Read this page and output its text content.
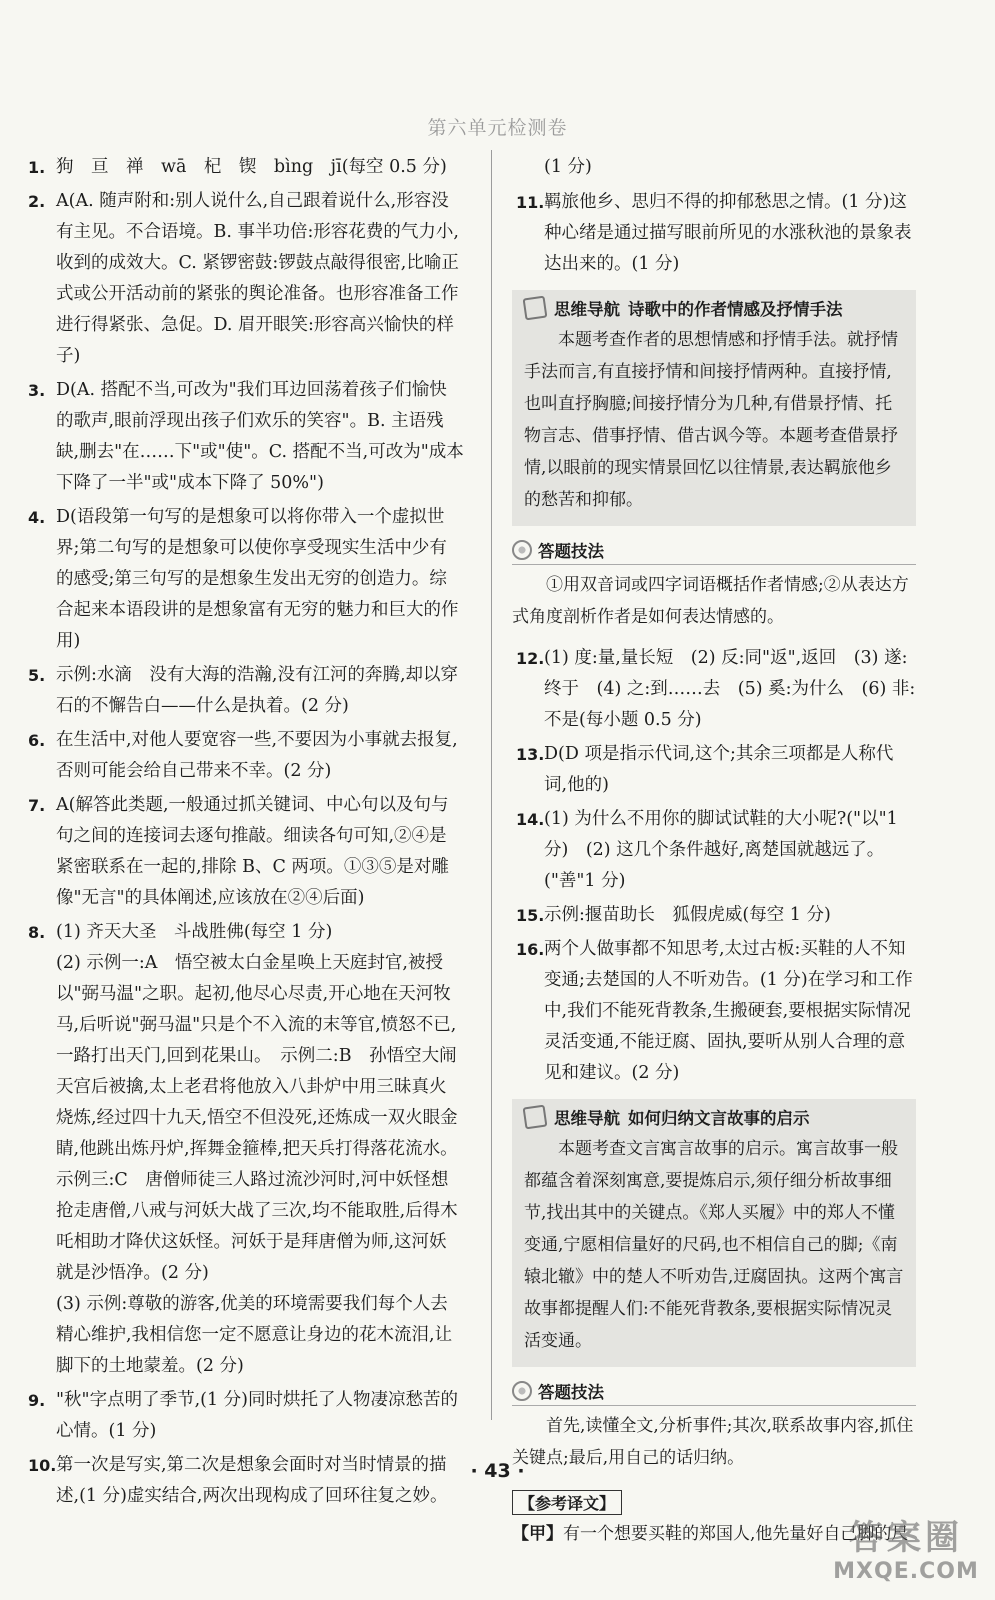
第六单元检测卷
1. 狗　亘　禅　wā　杞　锲　bìng　jī(每空 0.5 分)
2. A(A. 随声附和:别人说什么,自己跟着说什么,形容没有主见。不合语境。B. 事半功倍:形容花费的气力小,收到的成效大。C. 紧锣密鼓:锣鼓点敲得很密,比喻正式或公开活动前的紧张的舆论准备。也形容准备工作进行得紧张、急促。D. 眉开眼笑:形容高兴愉快的样子)
3. D(A. 搭配不当,可改为"我们耳边回荡着孩子们愉快的歌声,眼前浮现出孩子们欢乐的笑容"。B. 主语残缺,删去"在……下"或"使"。C. 搭配不当,可改为"成本下降了一半"或"成本下降了 50%")
4. D(语段第一句写的是想象可以将你带入一个虚拟世界;第二句写的是想象可以使你享受现实生活中少有的感受;第三句写的是想象生发出无穷的创造力。综合起来本语段讲的是想象富有无穷的魅力和巨大的作用)
5. 示例:水滴　没有大海的浩瀚,没有江河的奔腾,却以穿石的不懈告白——什么是执着。(2 分)
6. 在生活中,对他人要宽容一些,不要因为小事就去报复,否则可能会给自己带来不幸。(2 分)
7. A(解答此类题,一般通过抓关键词、中心句以及句与句之间的连接词去逐句推敲。细读各句可知,②④是紧密联系在一起的,排除 B、C 两项。①③⑤是对雕像"无言"的具体阐述,应该放在②④后面)
8. (1) 齐天大圣　斗战胜佛(每空 1 分)
(2) 示例一:A　悟空被太白金星唤上天庭封官,被授以"弼马温"之职。起初,他尽心尽责,开心地在天河牧马,后听说"弼马温"只是个不入流的末等官,愤怒不已,一路打出天门,回到花果山。　示例二:B　孙悟空大闹天宫后被擒,太上老君将他放入八卦炉中用三昧真火烧炼,经过四十九天,悟空不但没死,还炼成一双火眼金睛,他跳出炼丹炉,挥舞金箍棒,把天兵打得落花流水。　示例三:C　唐僧师徒三人路过流沙河时,河中妖怪想抢走唐僧,八戒与河妖大战了三次,均不能取胜,后得木吒相助才降伏这妖怪。河妖于是拜唐僧为师,这河妖就是沙悟净。(2 分)
(3) 示例:尊敬的游客,优美的环境需要我们每个人去精心维护,我相信您一定不愿意让身边的花木流泪,让脚下的土地蒙羞。(2 分)
9. "秋"字点明了季节,(1 分)同时烘托了人物凄凉愁苦的心情。(1 分)
10. 第一次是写实,第二次是想象会面时对当时情景的描述,(1 分)虚实结合,两次出现构成了回环往复之妙。
(1 分)
11. 羁旅他乡、思归不得的抑郁愁思之情。(1 分)这种心绪是通过描写眼前所见的水涨秋池的景象表达出来的。(1 分)
思维导航 诗歌中的作者情感及抒情手法
本题考查作者的思想情感和抒情手法。就抒情手法而言,有直接抒情和间接抒情两种。直接抒情,也叫直抒胸臆;间接抒情分为几种,有借景抒情、托物言志、借事抒情、借古讽今等。本题考查借景抒情,以眼前的现实情景回忆以往情景,表达羁旅他乡的愁苦和抑郁。
答题技法
①用双音词或四字词语概括作者情感;②从表达方式角度剖析作者是如何表达情感的。
12. (1) 度:量,量长短　(2) 反:同"返",返回　(3) 遂:终于　(4) 之:到……去　(5) 奚:为什么　(6) 非:不是(每小题 0.5 分)
13. D(D 项是指示代词,这个;其余三项都是人称代词,他的)
14. (1) 为什么不用你的脚试试鞋的大小呢?("以"1 分)　(2) 这几个条件越好,离楚国就越远了。("善"1 分)
15. 示例:揠苗助长　狐假虎威(每空 1 分)
16. 两个人做事都不知思考,太过古板:买鞋的人不知变通;去楚国的人不听劝告。(1 分)在学习和工作中,我们不能死背教条,生搬硬套,要根据实际情况灵活变通,不能迂腐、固执,要听从别人合理的意见和建议。(2 分)
思维导航 如何归纳文言故事的启示
本题考查文言寓言故事的启示。寓言故事一般都蕴含着深刻寓意,要提炼启示,须仔细分析故事细节,找出其中的关键点。《郑人买履》中的郑人不懂变通,宁愿相信量好的尺码,也不相信自己的脚;《南辕北辙》中的楚人不听劝告,迂腐固执。这两个寓言故事都提醒人们:不能死背教条,要根据实际情况灵活变通。
答题技法
首先,读懂全文,分析事件;其次,联系故事内容,抓住关键点;最后,用自己的话归纳。
【参考译文】
【甲】有一个想要买鞋的郑国人,他先量好自己脚的尺
· 43 ·
答案圈
MXQE.COM
